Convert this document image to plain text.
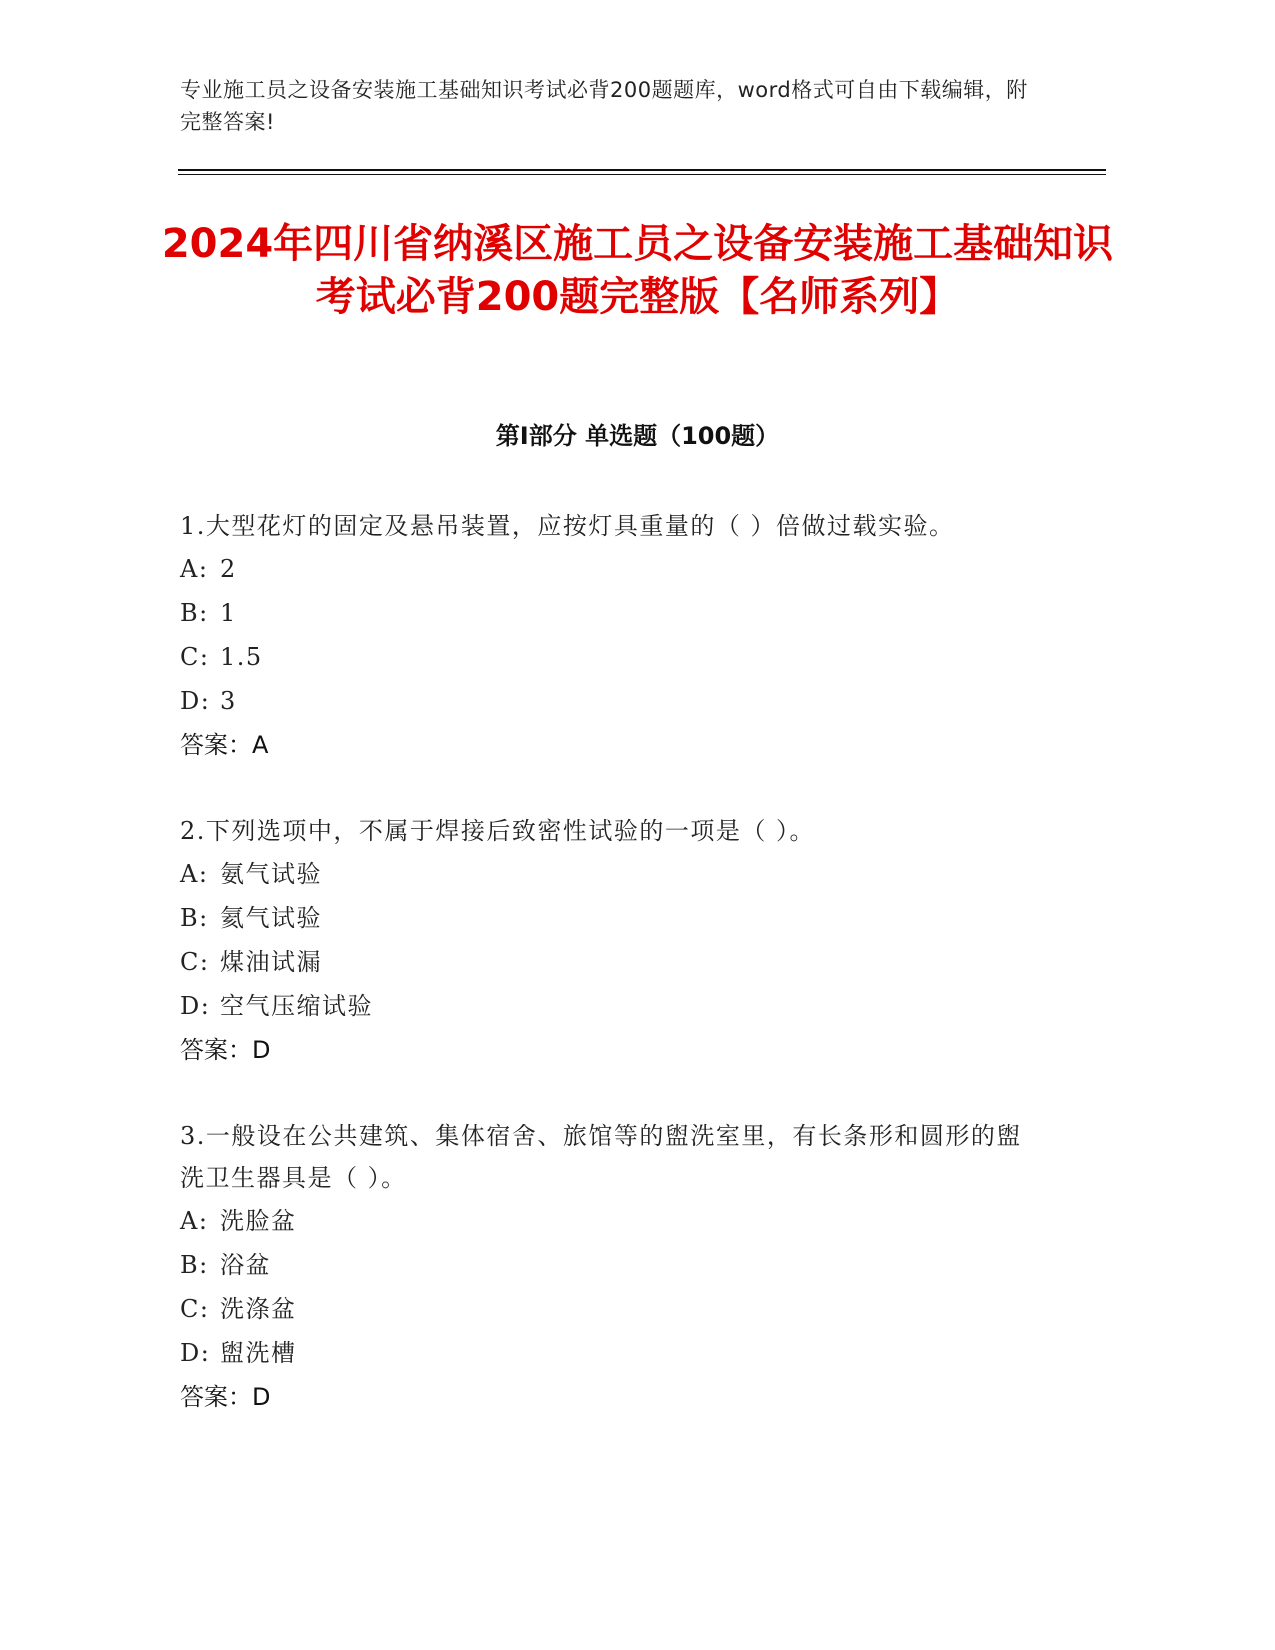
专业施工员之设备安装施工基础知识考试必背200题题库，word格式可自由下载编辑，附完整答案!
2024年四川省纳溪区施工员之设备安装施工基础知识考试必背200题完整版【名师系列】
第I部分 单选题（100题）
1.大型花灯的固定及悬吊装置，应按灯具重量的（ ）倍做过载实验。
A: 2
B: 1
C: 1.5
D: 3
答案：A
2.下列选项中，不属于焊接后致密性试验的一项是（ ）。
A: 氨气试验
B: 氦气试验
C: 煤油试漏
D: 空气压缩试验
答案：D
3.一般设在公共建筑、集体宿舍、旅馆等的盥洗室里，有长条形和圆形的盥洗卫生器具是（ ）。
A: 洗脸盆
B: 浴盆
C: 洗涤盆
D: 盥洗槽
答案：D
